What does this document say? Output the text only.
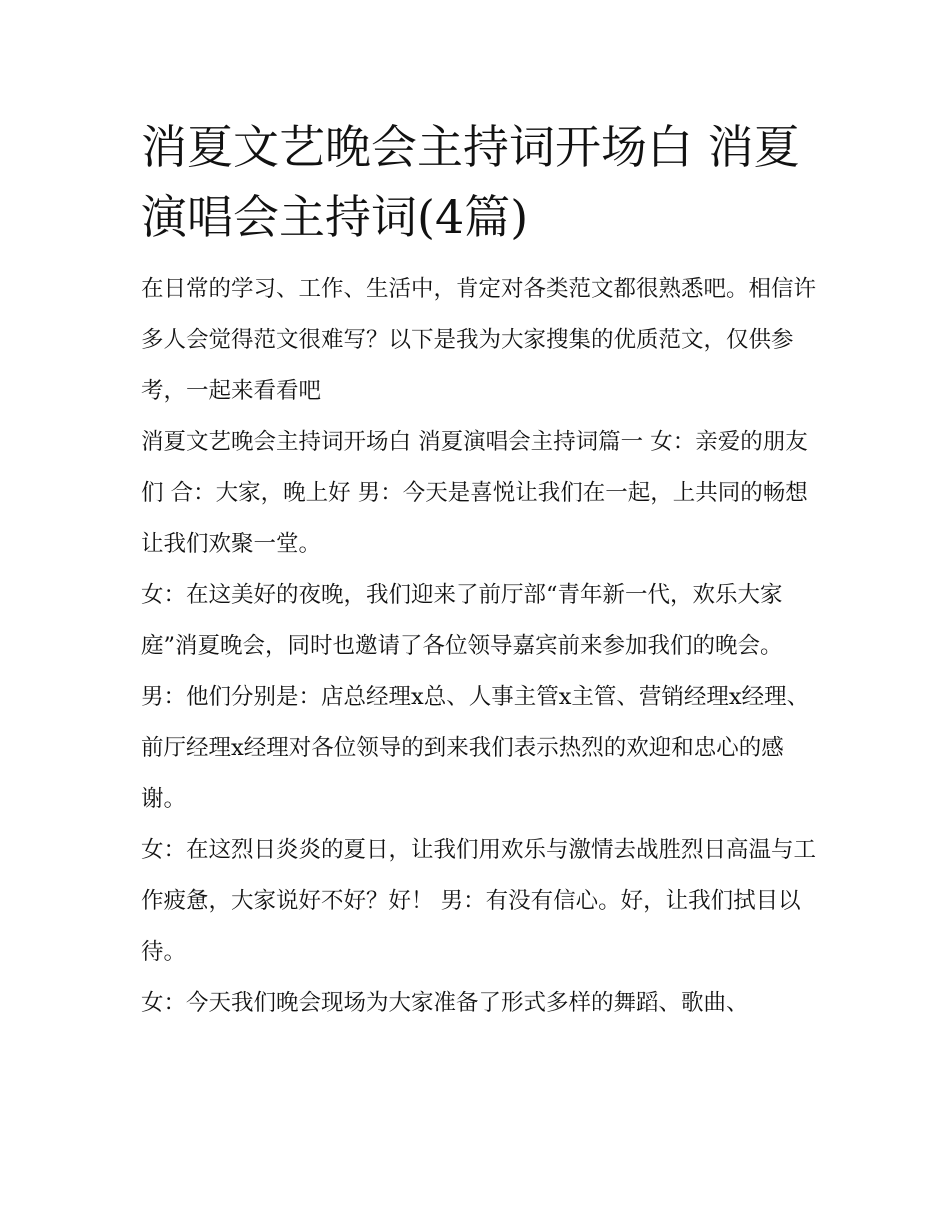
消夏文艺晚会主持词开场白 消夏演唱会主持词(4篇)

在日常的学习、工作、生活中，肯定对各类范文都很熟悉吧。相信许多人会觉得范文很难写？以下是我为大家搜集的优质范文，仅供参考，一起来看看吧

消夏文艺晚会主持词开场白 消夏演唱会主持词篇一 女：亲爱的朋友们 合：大家，晚上好 男：今天是喜悦让我们在一起，上共同的畅想让我们欢聚一堂。

女：在这美好的夜晚，我们迎来了前厅部“青年新一代，欢乐大家庭”消夏晚会，同时也邀请了各位领导嘉宾前来参加我们的晚会。

男：他们分别是：店总经理x总、人事主管x主管、营销经理x经理、前厅经理x经理对各位领导的到来我们表示热烈的欢迎和忠心的感谢。

女：在这烈日炎炎的夏日，让我们用欢乐与激情去战胜烈日高温与工作疲惫，大家说好不好？好！ 男：有没有信心。好，让我们拭目以待。

女：今天我们晚会现场为大家准备了形式多样的舞蹈、歌曲、
